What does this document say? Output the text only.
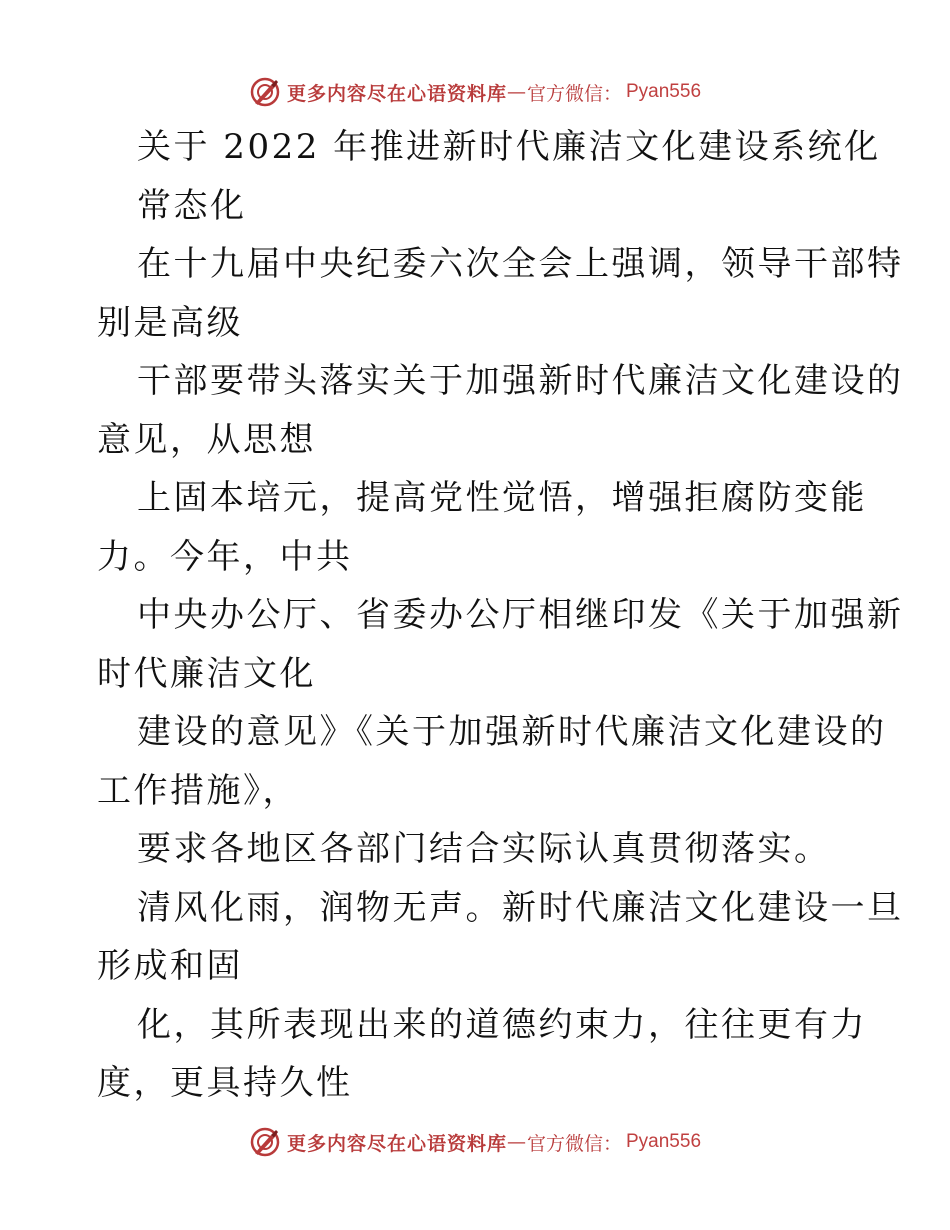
更多内容尽在心语资料库 — 官方微信： Pyan556
关于 2022 年推进新时代廉洁文化建设系统化
常态化
在十九届中央纪委六次全会上强调，领导干部特
别是高级
干部要带头落实关于加强新时代廉洁文化建设的
意见，从思想
上固本培元，提高党性觉悟，增强拒腐防变能
力。今年，中共
中央办公厅、省委办公厅相继印发《关于加强新
时代廉洁文化
建设的意见》《关于加强新时代廉洁文化建设的
工作措施》，
要求各地区各部门结合实际认真贯彻落实。
清风化雨，润物无声。新时代廉洁文化建设一旦
形成和固
化，其所表现出来的道德约束力，往往更有力
度，更具持久性
更多内容尽在心语资料库 — 官方微信： Pyan556
